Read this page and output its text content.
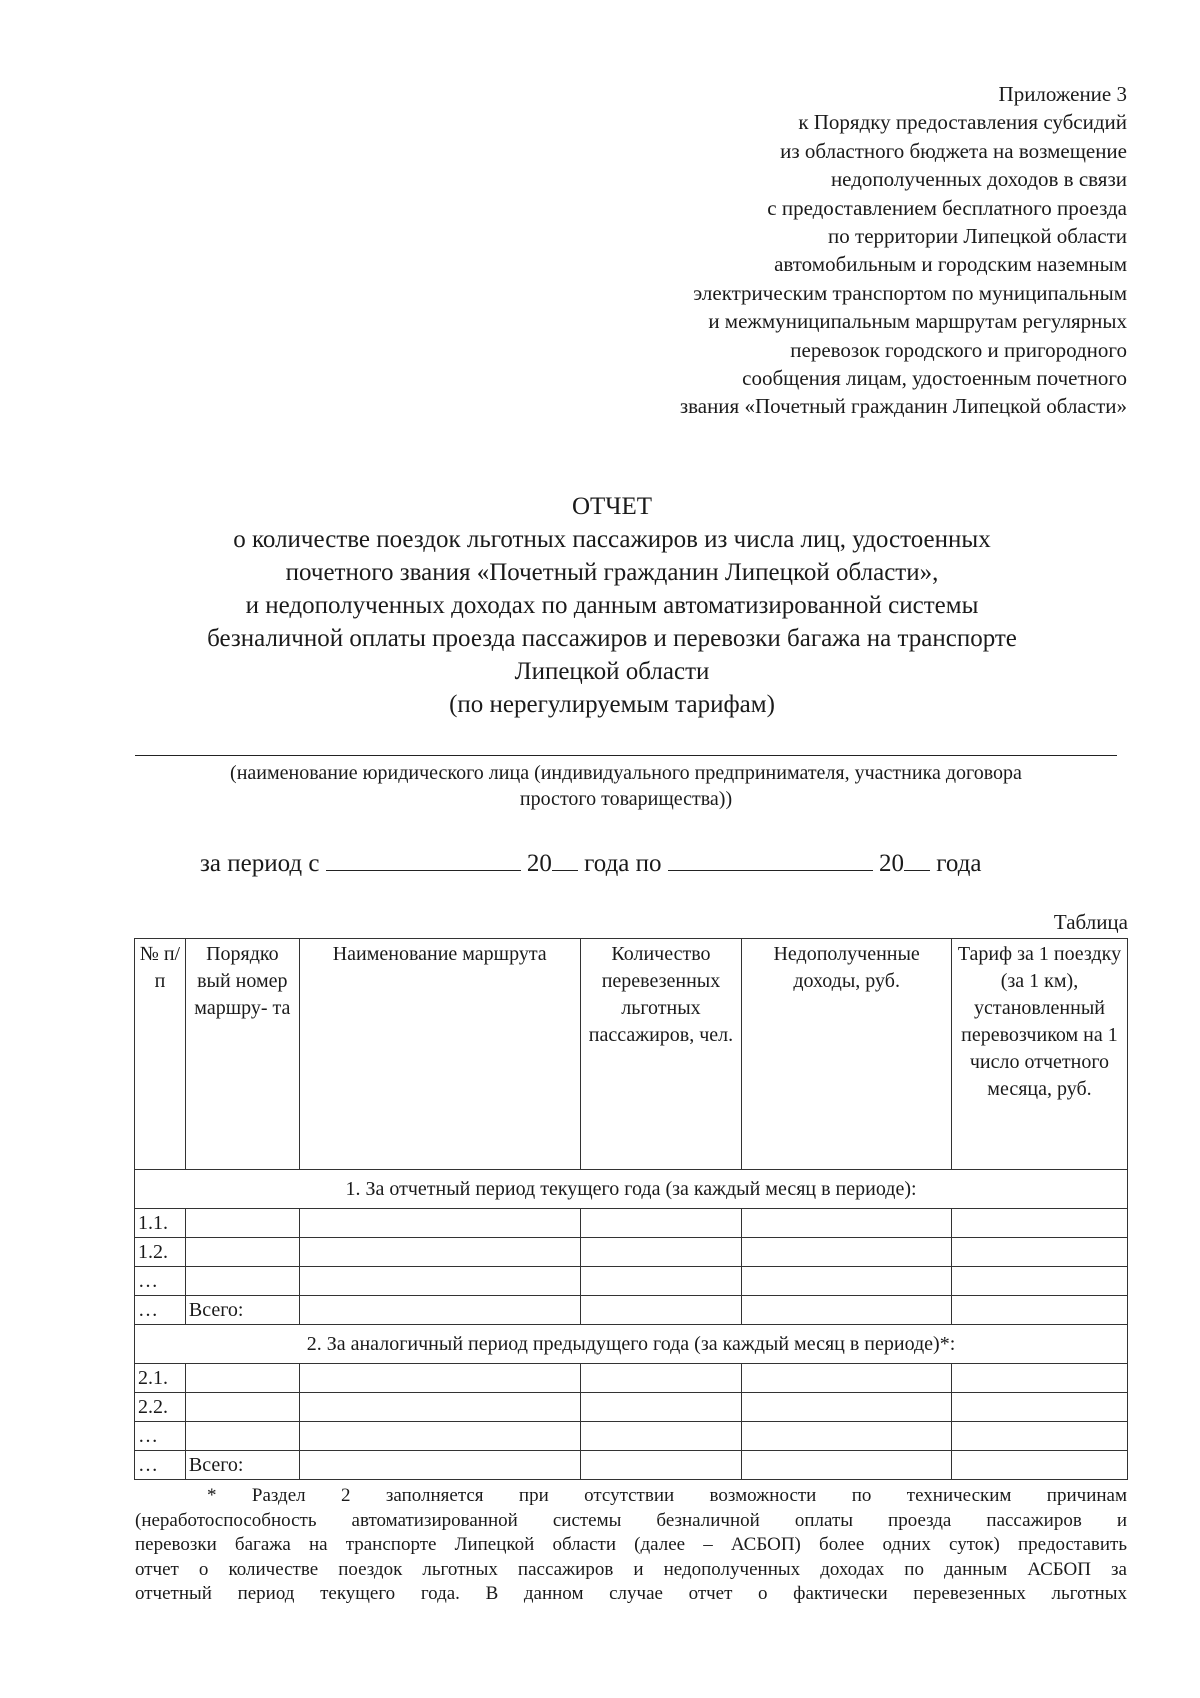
Приложение 3
к Порядку предоставления субсидий
из областного бюджета на возмещение
недополученных доходов в связи
с предоставлением бесплатного проезда
по территории Липецкой области
автомобильным и городским наземным
электрическим транспортом по муниципальным
и межмуниципальным маршрутам регулярных
перевозок городского и пригородного
сообщения лицам, удостоенным почетного
звания «Почетный гражданин Липецкой области»
ОТЧЕТ
о количестве поездок льготных пассажиров из числа лиц, удостоенных
почетного звания «Почетный гражданин Липецкой области»,
и недополученных доходах по данным автоматизированной системы
безналичной оплаты проезда пассажиров и перевозки багажа на транспорте
Липецкой области
(по нерегулируемым тарифам)
(наименование юридического лица (индивидуального предпринимателя, участника договора
простого товарищества))
за период с	20 года по	20 года
Таблица
№ п/ п	Порядко вый номер маршру- та	Наименование маршрута	Количество перевезенных льготных пассажиров, чел.	Недополученные доходы, руб.	Тариф за 1 поездку (за 1 км), установленный перевозчиком на 1 число отчетного месяца, руб.
1. За отчетный период текущего года (за каждый месяц в периоде):					
1.1.					
1.2.					
…					
…	Всего:				
2. За аналогичный период предыдущего года (за каждый месяц в периоде)*:					
2.1.					
2.2.					
…					
…	Всего:				
* Раздел 2 заполняется при отсутствии возможности по техническим причинам
(неработоспособность автоматизированной системы безналичной оплаты проезда пассажиров и
перевозки багажа на транспорте Липецкой области (далее – АСБОП) более одних суток) предоставить
отчет о количестве поездок льготных пассажиров и недополученных доходах по данным АСБОП за
отчетный период текущего года. В данном случае отчет о фактически перевезенных льготных
